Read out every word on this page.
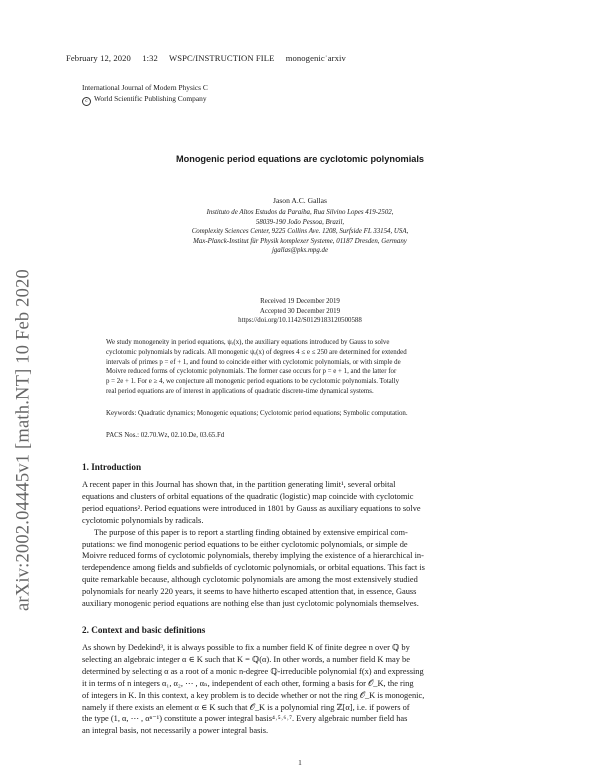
February 12, 2020 1:32 WSPC/INSTRUCTION FILE monogenic˙arxiv
International Journal of Modern Physics C
c World Scientific Publishing Company
arXiv:2002.04445v1 [math.NT] 10 Feb 2020
Monogenic period equations are cyclotomic polynomials
Jason A.C. Gallas
Instituto de Altos Estudos da Paraíba, Rua Silvino Lopes 419-2502,
58039-190 João Pessoa, Brazil,
Complexity Sciences Center, 9225 Collins Ave. 1208, Surfside FL 33154, USA,
Max-Planck-Institut für Physik komplexer Systeme, 01187 Dresden, Germany
jgallas@pks.mpg.de
Received 19 December 2019
Accepted 30 December 2019
https://doi.org/10.1142/S0129183120500588
We study monogeneity in period equations, ψₑ(x), the auxiliary equations introduced by Gauss to solve
cyclotomic polynomials by radicals. All monogenic ψₑ(x) of degrees 4 ≤ e ≤ 250 are determined for extended
intervals of primes p = ef + 1, and found to coincide either with cyclotomic polynomials, or with simple de
Moivre reduced forms of cyclotomic polynomials. The former case occurs for p = e + 1, and the latter for
p = 2e + 1. For e ≥ 4, we conjecture all monogenic period equations to be cyclotomic polynomials. Totally
real period equations are of interest in applications of quadratic discrete-time dynamical systems.
Keywords: Quadratic dynamics; Monogenic equations; Cyclotomic period equations; Symbolic computation.
PACS Nos.: 02.70.Wz, 02.10.De, 03.65.Fd
1. Introduction
A recent paper in this Journal has shown that, in the partition generating limit¹, several orbital
equations and clusters of orbital equations of the quadratic (logistic) map coincide with cyclotomic
period equations². Period equations were introduced in 1801 by Gauss as auxiliary equations to solve
cyclotomic polynomials by radicals.
The purpose of this paper is to report a startling finding obtained by extensive empirical com-
putations: we find monogenic period equations to be either cyclotomic polynomials, or simple de
Moivre reduced forms of cyclotomic polynomials, thereby implying the existence of a hierarchical in-
terdependence among fields and subfields of cyclotomic polynomials, or orbital equations. This fact is
quite remarkable because, although cyclotomic polynomials are among the most extensively studied
polynomials for nearly 220 years, it seems to have hitherto escaped attention that, in essence, Gauss
auxiliary monogenic period equations are nothing else than just cyclotomic polynomials themselves.
2. Context and basic definitions
As shown by Dedekind³, it is always possible to fix a number field K of finite degree n over ℚ by
selecting an algebraic integer α ∈ K such that K = ℚ(α). In other words, a number field K may be
determined by selecting α as a root of a monic n-degree ℚ-irreducible polynomial f(x) and expressing
it in terms of n integers α₁, α₂, ⋯ , αₙ, independent of each other, forming a basis for 𝒪_K, the ring
of integers in K. In this context, a key problem is to decide whether or not the ring 𝒪_K is monogenic,
namely if there exists an element α ∈ K such that 𝒪_K is a polynomial ring ℤ[α], i.e. if powers of
the type (1, α, ⋯ , αⁿ⁻¹) constitute a power integral basis⁴˒⁵˒⁶˒⁷. Every algebraic number field has
an integral basis, not necessarily a power integral basis.
1
